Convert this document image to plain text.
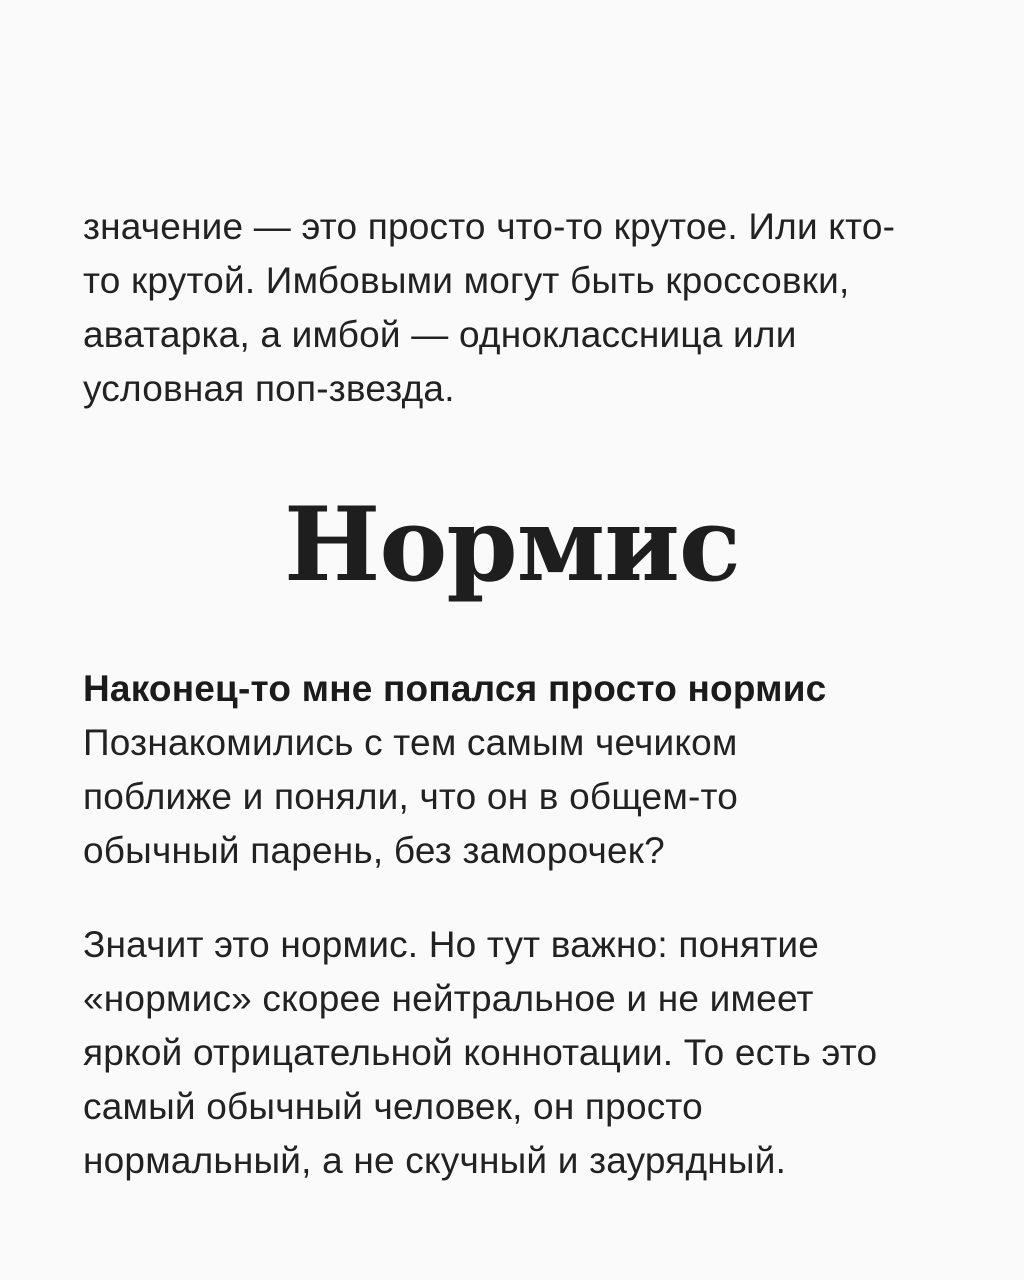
значение — это просто что-то крутое. Или кто-
то крутой. Имбовыми могут быть кроссовки,
аватарка, а имбой — одноклассница или
условная поп-звезда.
Нормис
Наконец-то мне попался просто нормис
Познакомились с тем самым чечиком
поближе и поняли, что он в общем-то
обычный парень, без заморочек?
Значит это нормис. Но тут важно: понятие
«нормис» скорее нейтральное и не имеет
яркой отрицательной коннотации. То есть это
самый обычный человек, он просто
нормальный, а не скучный и заурядный.
